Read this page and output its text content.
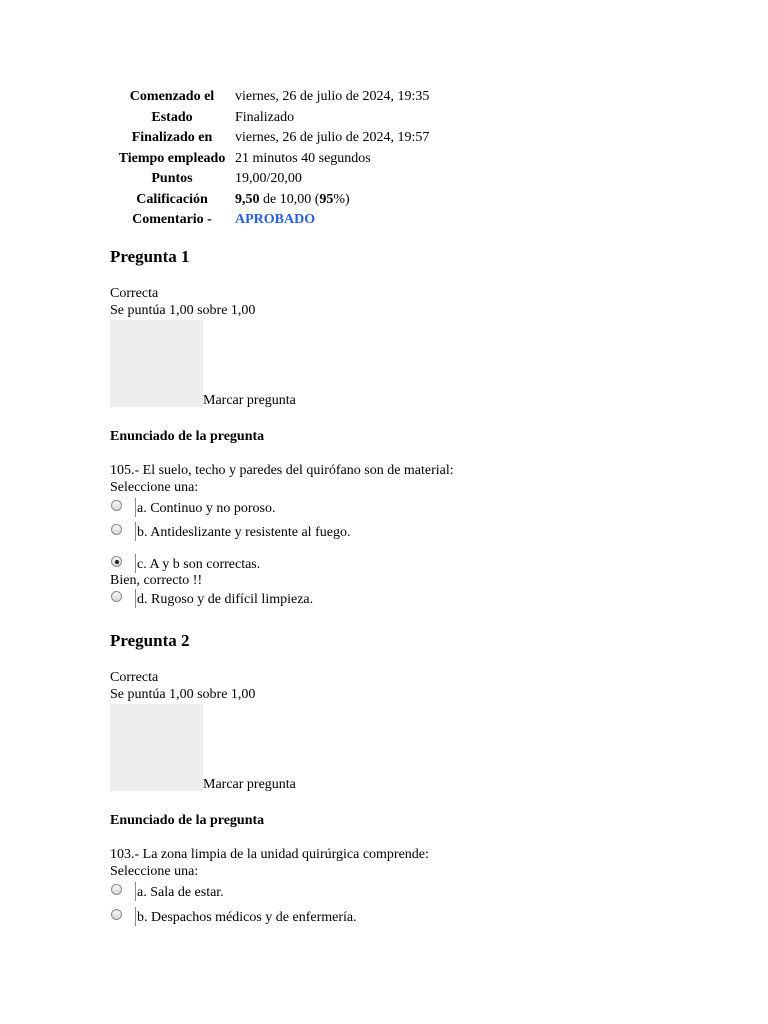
Comenzado el	viernes, 26 de julio de 2024, 19:35
Estado	Finalizado
Finalizado en	viernes, 26 de julio de 2024, 19:57
Tiempo empleado	21 minutos 40 segundos
Puntos	19,00/20,00
Calificación	9,50 de 10,00 (95%)
Comentario -	APROBADO
Pregunta 1
Correcta
Se puntúa 1,00 sobre 1,00
Marcar pregunta
Enunciado de la pregunta
105.- El suelo, techo y paredes del quirófano son de material:
Seleccione una:
a. Continuo y no poroso.
b. Antideslizante y resistente al fuego.
c. A y b son correctas.
Bien, correcto !!
d. Rugoso y de difícil limpieza.
Pregunta 2
Correcta
Se puntúa 1,00 sobre 1,00
Marcar pregunta
Enunciado de la pregunta
103.- La zona limpia de la unidad quirúrgica comprende:
Seleccione una:
a. Sala de estar.
b. Despachos médicos y de enfermería.
